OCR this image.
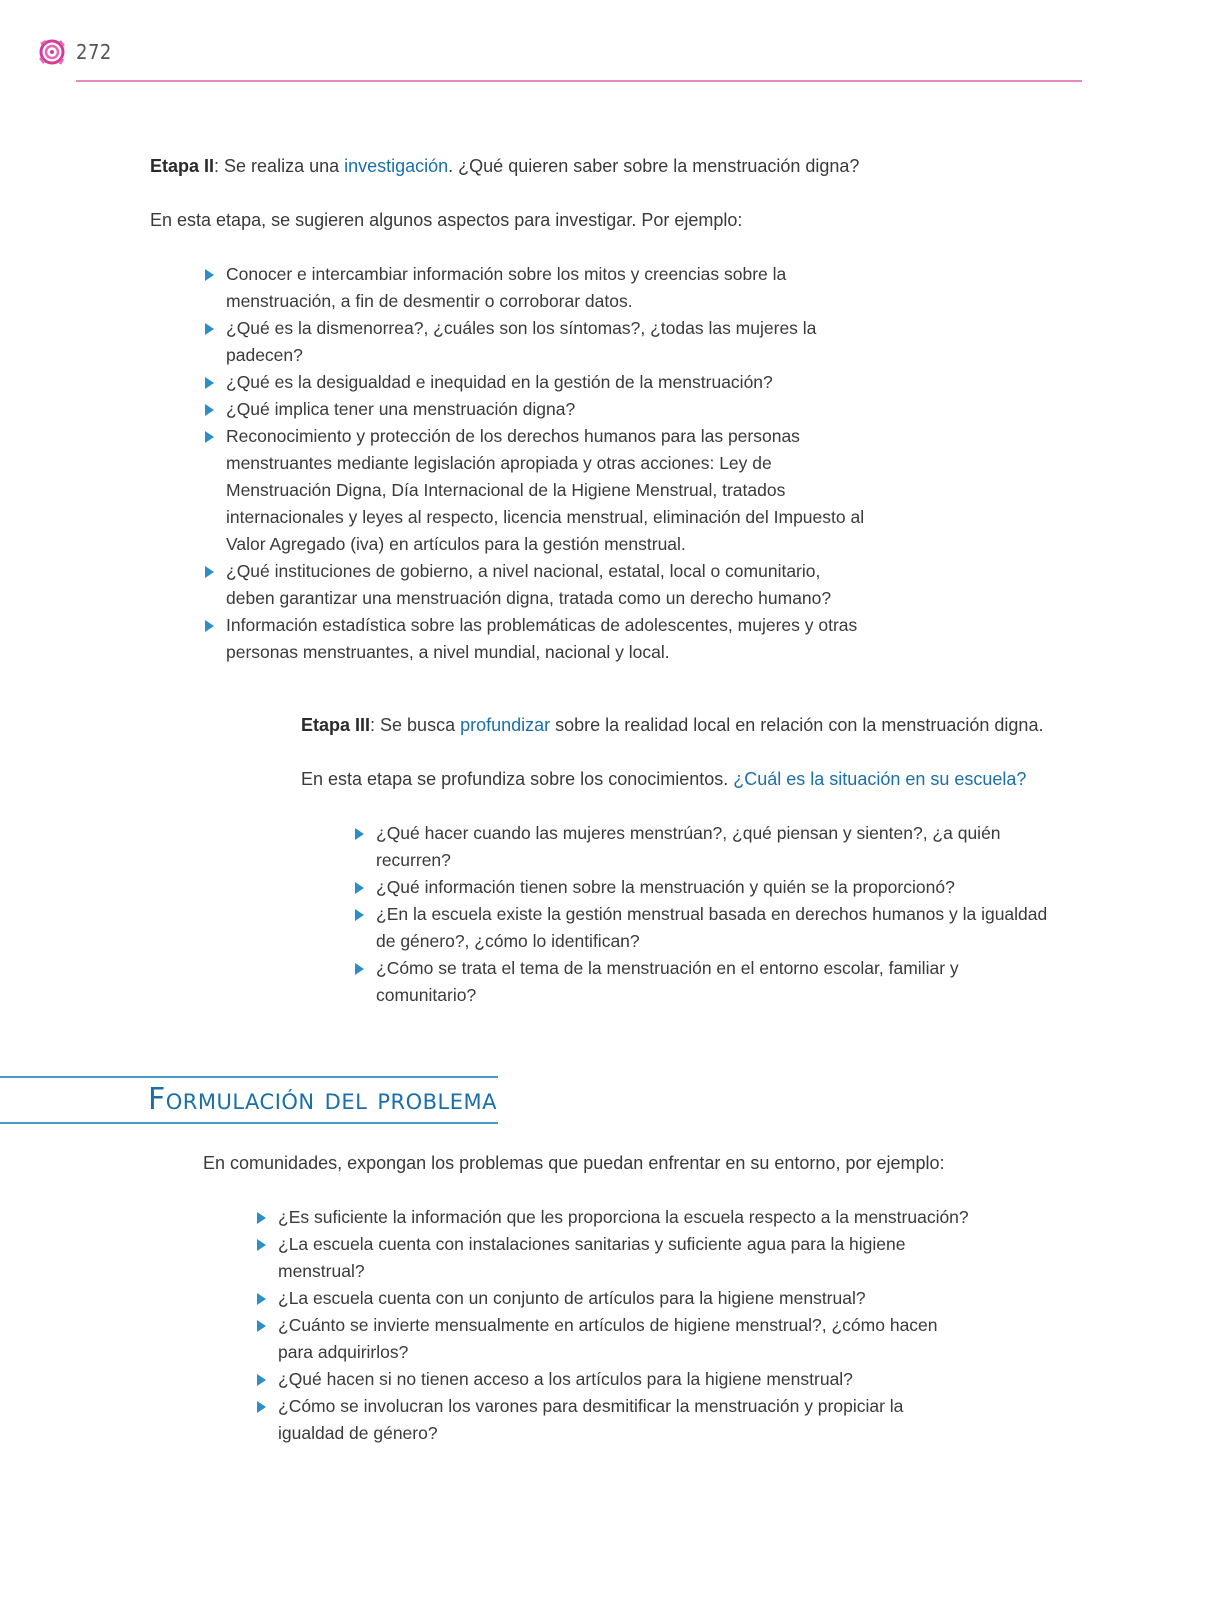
272

Etapa II: Se realiza una investigación. ¿Qué quieren saber sobre la menstruación digna?

En esta etapa, se sugieren algunos aspectos para investigar. Por ejemplo:
Conocer e intercambiar información sobre los mitos y creencias sobre la menstruación, a fin de desmentir o corroborar datos.
¿Qué es la dismenorrea?, ¿cuáles son los síntomas?, ¿todas las mujeres la padecen?
¿Qué es la desigualdad e inequidad en la gestión de la menstruación?
¿Qué implica tener una menstruación digna?
Reconocimiento y protección de los derechos humanos para las personas menstruantes mediante legislación apropiada y otras acciones: Ley de Menstruación Digna, Día Internacional de la Higiene Menstrual, tratados internacionales y leyes al respecto, licencia menstrual, eliminación del Impuesto al Valor Agregado (iva) en artículos para la gestión menstrual.
¿Qué instituciones de gobierno, a nivel nacional, estatal, local o comunitario, deben garantizar una menstruación digna, tratada como un derecho humano?
Información estadística sobre las problemáticas de adolescentes, mujeres y otras personas menstruantes, a nivel mundial, nacional y local.

Etapa III: Se busca profundizar sobre la realidad local en relación con la menstruación digna.

En esta etapa se profundiza sobre los conocimientos. ¿Cuál es la situación en su escuela?

¿Qué hacer cuando las mujeres menstrúan?, ¿qué piensan y sienten?, ¿a quién recurren?
¿Qué información tienen sobre la menstruación y quién se la proporcionó?
¿En la escuela existe la gestión menstrual basada en derechos humanos y la igualdad de género?, ¿cómo lo identifican?
¿Cómo se trata el tema de la menstruación en el entorno escolar, familiar y comunitario?
Formulación del problema
En comunidades, expongan los problemas que puedan enfrentar en su entorno, por ejemplo:
¿Es suficiente la información que les proporciona la escuela respecto a la menstruación?
¿La escuela cuenta con instalaciones sanitarias y suficiente agua para la higiene menstrual?
¿La escuela cuenta con un conjunto de artículos para la higiene menstrual?
¿Cuánto se invierte mensualmente en artículos de higiene menstrual?, ¿cómo hacen para adquirirlos?
¿Qué hacen si no tienen acceso a los artículos para la higiene menstrual?
¿Cómo se involucran los varones para desmitificar la menstruación y propiciar la igualdad de género?
